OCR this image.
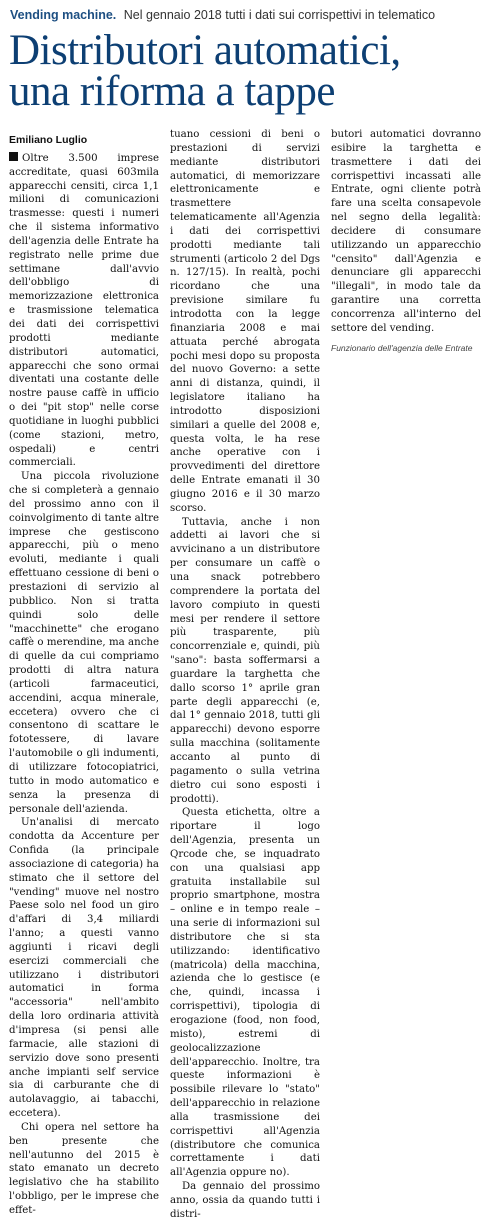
Vending machine. Nel gennaio 2018 tutti i dati sui corrispettivi in telematico
Distributori automatici,
una riforma a tappe
Emiliano Luglio

Oltre 3.500 imprese accreditate, quasi 603mila apparecchi censiti, circa 1,1 milioni di comunicazioni trasmesse: questi i numeri che il sistema informativo dell'agenzia delle Entrate ha registrato nelle prime due settimane dall'avvio dell'obbligo di memorizzazione elettronica e trasmissione telematica dei dati dei corrispettivi prodotti mediante distributori automatici, apparecchi che sono ormai diventati una costante delle nostre pause caffè in ufficio o dei "pit stop" nelle corse quotidiane in luoghi pubblici (come stazioni, metro, ospedali) e centri commerciali.

Una piccola rivoluzione che si completerà a gennaio del prossimo anno con il coinvolgimento di tante altre imprese che gestiscono apparecchi, più o meno evoluti, mediante i quali effettuano cessione di beni o prestazioni di servizio al pubblico. Non si tratta quindi solo delle "macchinette" che erogano caffè o merendine, ma anche di quelle da cui compriamo prodotti di altra natura (articoli farmaceutici, accendini, acqua minerale, eccetera) ovvero che ci consentono di scattare le fototessere, di lavare l'automobile o gli indumenti, di utilizzare fotocopiatrici, tutto in modo automatico e senza la presenza di personale dell'azienda.

Un'analisi di mercato condotta da Accenture per Confida (la principale associazione di categoria) ha stimato che il settore del "vending" muove nel nostro Paese solo nel food un giro d'affari di 3,4 miliardi l'anno; a questi vanno aggiunti i ricavi degli esercizi commerciali che utilizzano i distributori automatici in forma "accessoria" nell'ambito della loro ordinaria attività d'impresa (si pensi alle farmacie, alle stazioni di servizio dove sono presenti anche impianti self service sia di carburante che di autolavaggio, ai tabacchi, eccetera).

Chi opera nel settore ha ben presente che nell'autunno del 2015 è stato emanato un decreto legislativo che ha stabilito l'obbligo, per le imprese che effet-

tuano cessioni di beni o prestazioni di servizi mediante distributori automatici, di memorizzare elettronicamente e trasmettere telematicamente all'Agenzia i dati dei corrispettivi prodotti mediante tali strumenti (articolo 2 del Dgs n. 127/15). In realtà, pochi ricordano che una previsione similare fu introdotta con la legge finanziaria 2008 e mai attuata perché abrogata pochi mesi dopo su proposta del nuovo Governo: a sette anni di distanza, quindi, il legislatore italiano ha introdotto disposizioni similari a quelle del 2008 e, questa volta, le ha rese anche operative con i provvedimenti del direttore delle Entrate emanati il 30 giugno 2016 e il 30 marzo scorso.

Tuttavia, anche i non addetti ai lavori che si avvicinano a un distributore per consumare un caffè o una snack potrebbero comprendere la portata del lavoro compiuto in questi mesi per rendere il settore più trasparente, più concorrenziale e, quindi, più "sano": basta soffermarsi a guardare la targhetta che dallo scorso 1° aprile gran parte degli apparecchi (e, dal 1° gennaio 2018, tutti gli apparecchi) devono esporre sulla macchina (solitamente accanto al punto di pagamento o sulla vetrina dietro cui sono esposti i prodotti).

Questa etichetta, oltre a riportare il logo dell'Agenzia, presenta un Qrcode che, se inquadrato con una qualsiasi app gratuita installabile sul proprio smartphone, mostra – online e in tempo reale – una serie di informazioni sul distributore che si sta utilizzando: identificativo (matricola) della macchina, azienda che lo gestisce (e che, quindi, incassa i corrispettivi), tipologia di erogazione (food, non food, misto), estremi di geolocalizzazione dell'apparecchio. Inoltre, tra queste informazioni è possibile rilevare lo "stato" dell'apparecchio in relazione alla trasmissione dei corrispettivi all'Agenzia (distributore che comunica correttamente i dati all'Agenzia oppure no).

Da gennaio del prossimo anno, ossia da quando tutti i distri-

butori automatici dovranno esibire la targhetta e trasmettere i dati dei corrispettivi incassati alle Entrate, ogni cliente potrà fare una scelta consapevole nel segno della legalità: decidere di consumare utilizzando un apparecchio "censito" dall'Agenzia e denunciare gli apparecchi "illegali", in modo tale da garantire una corretta concorrenza all'interno del settore del vending.

Funzionario dell'agenzia delle Entrate
